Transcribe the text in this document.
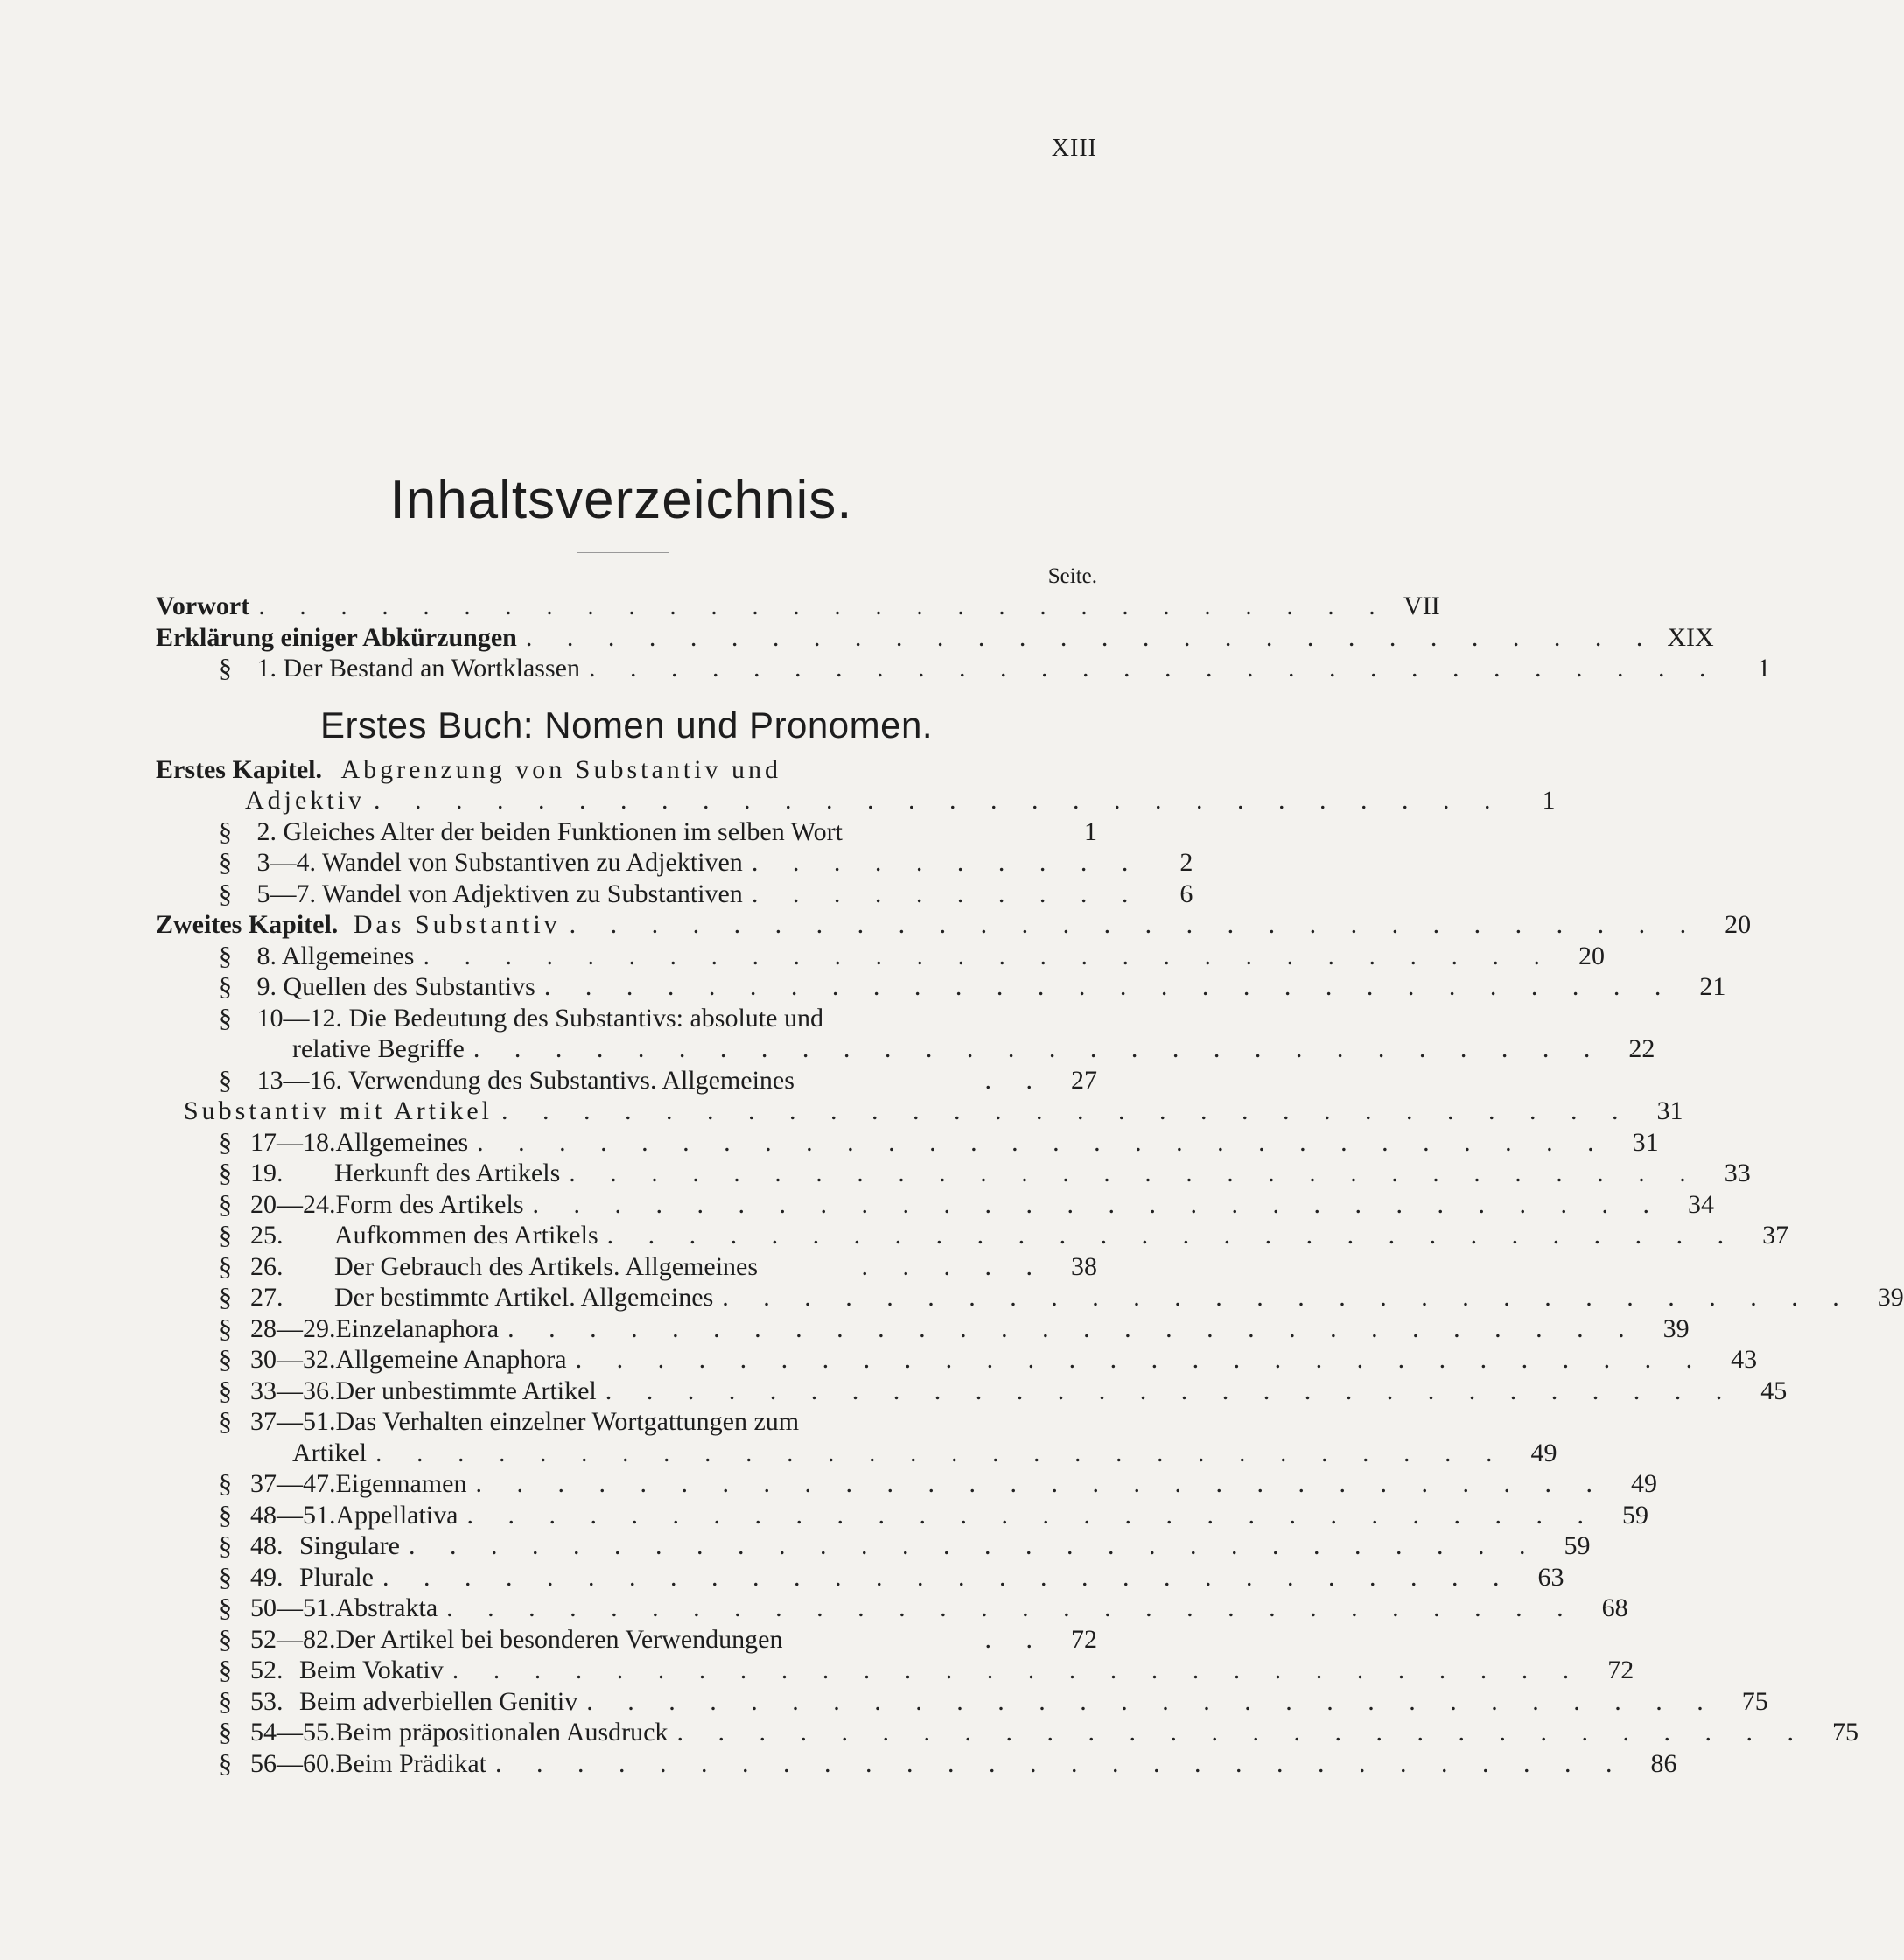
XIII
Inhaltsverzeichnis.
Seite.
Vorwort . . . . . . . . . . . . . . . . . . . . . . . . . . . . VII
Erklärung einiger Abkürzungen . . . . . . . . . . . . . . . . . . . . . . . . . . . . XIX
§ 1. Der Bestand an Wortklassen . . . . . . . . . . . . . . . . . . . . . . . . . . . .	1
Erstes Buch: Nomen und Pronomen.
Erstes Kapitel. Abgrenzung von Substantiv und
Adjektiv . . . . . . . . . . . . . . . . . . . . . . . . . . . .	1
§ 2. Gleiches Alter der beiden Funktionen im selben Wort	1
§ 3—4. Wandel von Substantiven zu Adjektiven . . . . . . . . . .	2
§ 5—7. Wandel von Adjektiven zu Substantiven . . . . . . . . . .	6
Zweites Kapitel. Das Substantiv . . . . . . . . . . . . . . . . . . . . . . . . . . . . 20
§ 8. Allgemeines . . . . . . . . . . . . . . . . . . . . . . . . . . . . 20
§ 9. Quellen des Substantivs . . . . . . . . . . . . . . . . . . . . . . . . . . . . 21
§ 10—12. Die Bedeutung des Substantivs: absolute und
relative Begriffe . . . . . . . . . . . . . . . . . . . . . . . . . . . . 22
§ 13—16. Verwendung des Substantivs. Allgemeines	. . 27
Substantiv mit Artikel . . . . . . . . . . . . . . . . . . . . . . . . . . . . 31
§ 17—18.Allgemeines . . . . . . . . . . . . . . . . . . . . . . . . . . . . 31
§ 19. Herkunft des Artikels . . . . . . . . . . . . . . . . . . . . . . . . . . . . 33
§ 20—24.Form des Artikels . . . . . . . . . . . . . . . . . . . . . . . . . . . . 34
§ 25. Aufkommen des Artikels . . . . . . . . . . . . . . . . . . . . . . . . . . . . 37
§ 26. Der Gebrauch des Artikels. Allgemeines	. . . . . 38
§ 27. Der bestimmte Artikel. Allgemeines . . . . . . . . . . . . . . . . . . . . . . . . . . . . 39
§ 28—29.Einzelanaphora . . . . . . . . . . . . . . . . . . . . . . . . . . . . 39
§ 30—32.Allgemeine Anaphora . . . . . . . . . . . . . . . . . . . . . . . . . . . . 43
§ 33—36.Der unbestimmte Artikel . . . . . . . . . . . . . . . . . . . . . . . . . . . . 45
§ 37—51.Das Verhalten einzelner Wortgattungen zum
Artikel . . . . . . . . . . . . . . . . . . . . . . . . . . . . 49
§ 37—47.Eigennamen . . . . . . . . . . . . . . . . . . . . . . . . . . . . 49
§ 48—51.Appellativa . . . . . . . . . . . . . . . . . . . . . . . . . . . . 59
§ 48. Singulare . . . . . . . . . . . . . . . . . . . . . . . . . . . . 59
§ 49. Plurale . . . . . . . . . . . . . . . . . . . . . . . . . . . . 63
§ 50—51.Abstrakta . . . . . . . . . . . . . . . . . . . . . . . . . . . . 68
§ 52—82.Der Artikel bei besonderen Verwendungen	. . 72
§ 52. Beim Vokativ . . . . . . . . . . . . . . . . . . . . . . . . . . . . 72
§ 53. Beim adverbiellen Genitiv . . . . . . . . . . . . . . . . . . . . . . . . . . . . 75
§ 54—55.Beim präpositionalen Ausdruck . . . . . . . . . . . . . . . . . . . . . . . . . . . . 75
§ 56—60.Beim Prädikat . . . . . . . . . . . . . . . . . . . . . . . . . . . . 86
